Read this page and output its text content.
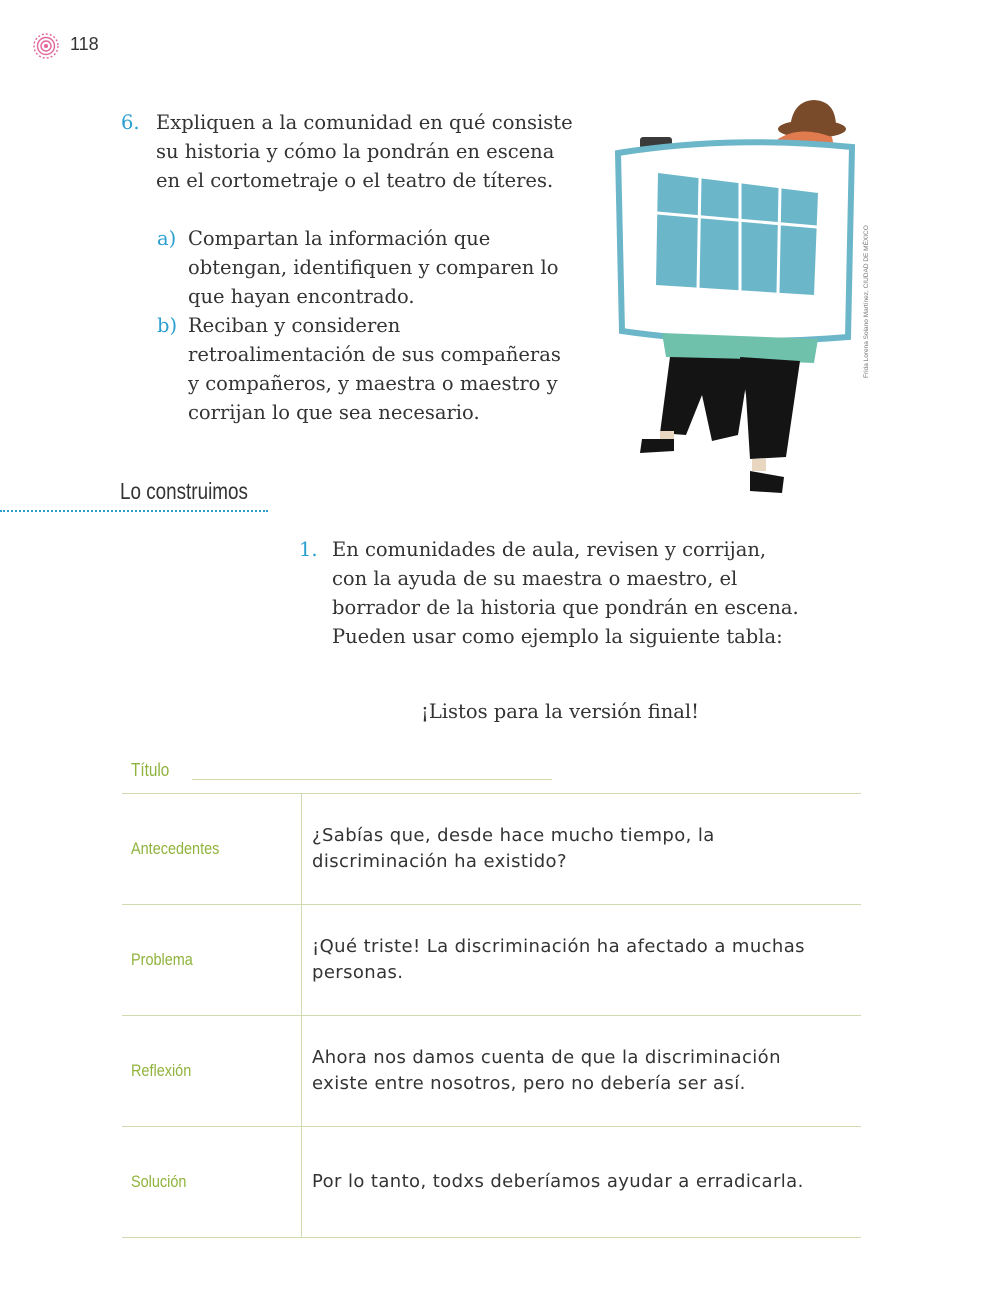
118
6. Expliquen a la comunidad en qué consiste su historia y cómo la pondrán en escena en el cortometraje o el teatro de títeres.
a) Compartan la información que obtengan, identifiquen y comparen lo que hayan encontrado.
b) Reciban y consideren retroalimentación de sus compañeras y compañeros, y maestra o maestro y corrijan lo que sea necesario.
Frida Lorena Solano Martínez, CIUDAD DE MÉXICO
Lo construimos
1. En comunidades de aula, revisen y corrijan, con la ayuda de su maestra o maestro, el borrador de la historia que pondrán en escena. Pueden usar como ejemplo la siguiente tabla:
¡Listos para la versión final!
Título
Antecedentes
¿Sabías que, desde hace mucho tiempo, la discriminación ha existido?
Problema
¡Qué triste! La discriminación ha afectado a muchas personas.
Reflexión
Ahora nos damos cuenta de que la discriminación existe entre nosotros, pero no debería ser así.
Solución	Por lo tanto, todxs deberíamos ayudar a erradicarla.
